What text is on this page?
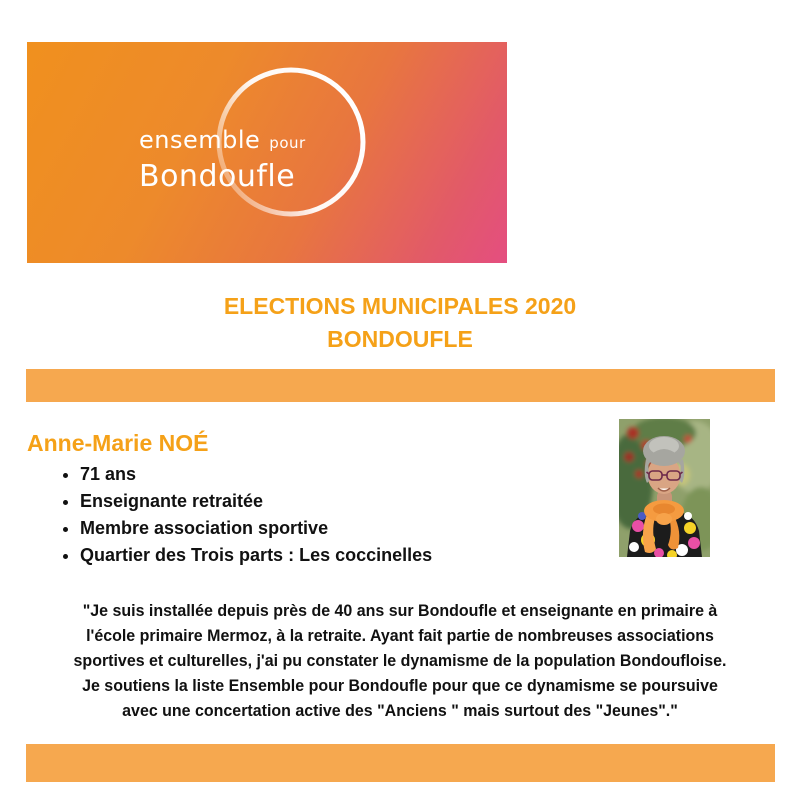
ensemble pour
Bondoufle
ELECTIONS MUNICIPALES 2020
BONDOUFLE
Anne-Marie NOÉ
• 71 ans
• Enseignante retraitée
• Membre association sportive
• Quartier des Trois parts : Les coccinelles
"Je suis installée depuis près de 40 ans sur Bondoufle et enseignante en primaire à
l'école primaire Mermoz, à la retraite. Ayant fait partie de nombreuses associations
sportives et culturelles, j'ai pu constater le dynamisme de la population Bondoufloise.
Je soutiens la liste Ensemble pour Bondoufle pour que ce dynamisme se poursuive
avec une concertation active des "Anciens " mais surtout des "Jeunes"."
